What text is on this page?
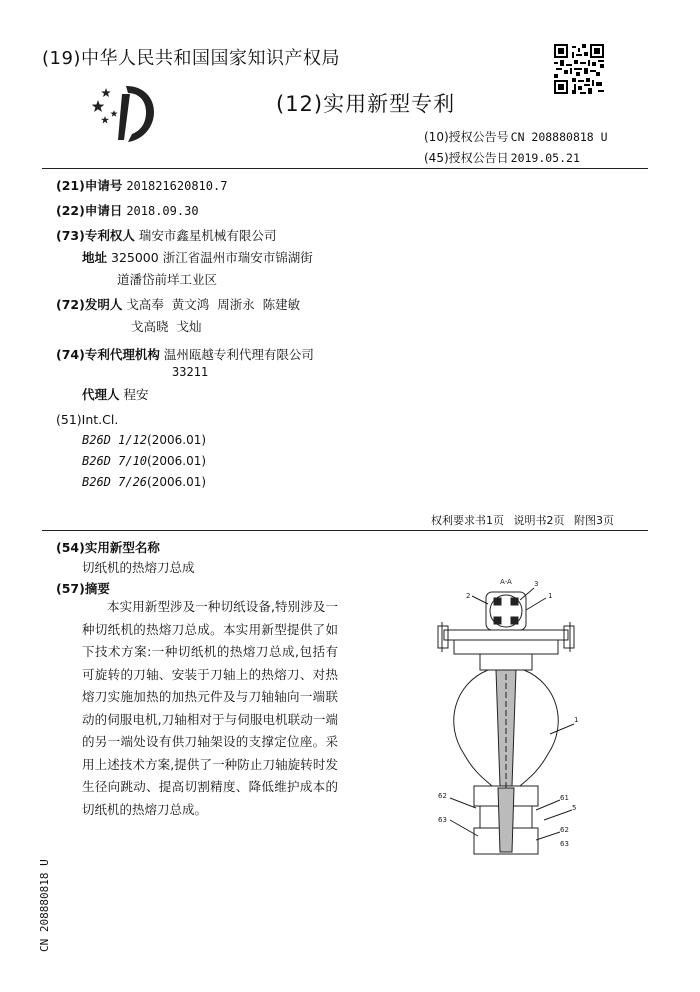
(19)中华人民共和国国家知识产权局
(12)实用新型专利
(10)授权公告号 CN 208880818 U
(45)授权公告日 2019.05.21
(21)申请号 201821620810.7
(22)申请日 2018.09.30
(73)专利权人 瑞安市鑫星机械有限公司
地址 325000 浙江省温州市瑞安市锦湖街
道潘岱前垟工业区
(72)发明人 戈高奉  黄文鸿  周浙永  陈建敏
戈高晓  戈灿
(74)专利代理机构 温州瓯越专利代理有限公司
33211
代理人 程安
(51)Int.Cl.
B26D 1/12(2006.01)
B26D 7/10(2006.01)
B26D 7/26(2006.01)
权利要求书1页 说明书2页 附图3页
(54)实用新型名称
切纸机的热熔刀总成
(57)摘要
本实用新型涉及一种切纸设备,特别涉及一种切纸机的热熔刀总成。本实用新型提供了如下技术方案:一种切纸机的热熔刀总成,包括有可旋转的刀轴、安装于刀轴上的热熔刀、对热熔刀实施加热的加热元件及与刀轴轴向一端联动的伺服电机,刀轴相对于与伺服电机联动一端的另一端处设有供刀轴架设的支撑定位座。采用上述技术方案,提供了一种防止刀轴旋转时发生径向跳动、提高切割精度、降低维护成本的切纸机的热熔刀总成。
A-A
1
2
3
1
61
62
62
5
63
63
CN 208880818 U
